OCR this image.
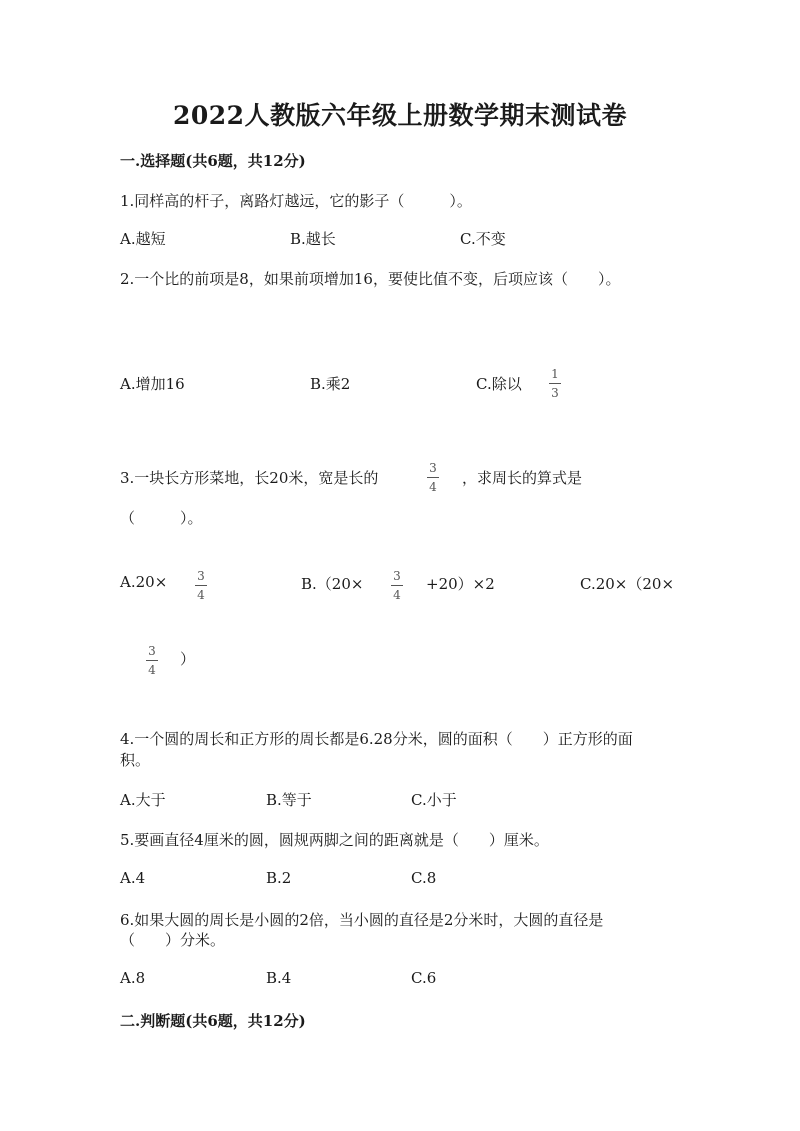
2022人教版六年级上册数学期末测试卷
一.选择题(共6题，共12分)
1.同样高的杆子，离路灯越远，它的影子（　　　）。
A.越短	B.越长	C.不变
2.一个比的前项是8，如果前项增加16，要使比值不变，后项应该（　　）。
A.增加16	B.乘2	C.除以
1
3
3.一块长方形菜地，长20米，宽是长的
3
4 ，求周长的算式是
（　　　）。
A.20× 3
4
B.（20× 3
4
+20）×2	C.20×（20×
3
4
）
4.一个圆的周长和正方形的周长都是6.28分米，圆的面积（　　）正方形的面
积。
A.大于	B.等于	C.小于
5.要画直径4厘米的圆，圆规两脚之间的距离就是（　　）厘米。
A.4	B.2	C.8
6.如果大圆的周长是小圆的2倍，当小圆的直径是2分米时，大圆的直径是
（　　）分米。
A.8	B.4	C.6
二.判断题(共6题，共12分)
